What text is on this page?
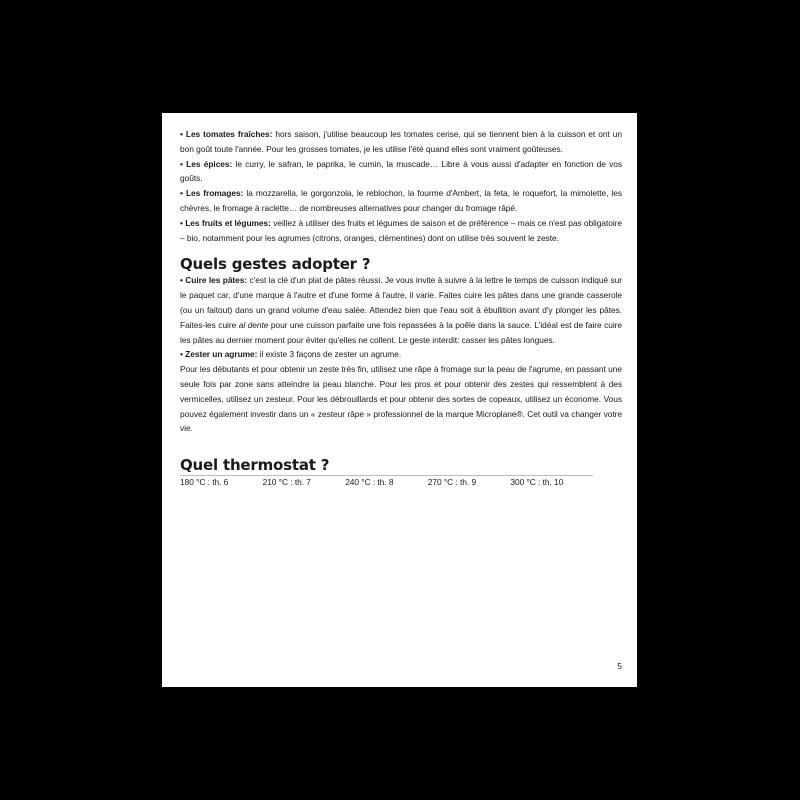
• Les tomates fraîches: hors saison, j'utilise beaucoup les tomates cerise, qui se tiennent bien à la cuisson et ont un bon goût toute l'année. Pour les grosses tomates, je les utilise l'été quand elles sont vraiment goûteuses.

• Les épices: le curry, le safran, le paprika, le cumin, la muscade… Libre à vous aussi d'adapter en fonction de vos goûts.

• Les fromages: la mozzarella, le gorgonzola, le reblochon, la fourme d'Ambert, la feta, le roquefort, la mimolette, les chèvres, le fromage à raclette… de nombreuses alternatives pour changer du fromage râpé.

• Les fruits et légumes: veillez à utiliser des fruits et légumes de saison et de préférence – mais ce n'est pas obligatoire – bio, notamment pour les agrumes (citrons, oranges, clémentines) dont on utilise très souvent le zeste.

Quels gestes adopter ?

• Cuire les pâtes: c'est la clé d'un plat de pâtes réussi. Je vous invite à suivre à la lettre le temps de cuisson indiqué sur le paquet car, d'une marque à l'autre et d'une forme à l'autre, il varie. Faites cuire les pâtes dans une grande casserole (ou un faitout) dans un grand volume d'eau salée. Attendez bien que l'eau soit à ébullition avant d'y plonger les pâtes. Faites-les cuire al dente pour une cuisson parfaite une fois repassées à la poêle dans la sauce. L'idéal est de faire cuire les pâtes au dernier moment pour éviter qu'elles ne collent. Le geste interdit: casser les pâtes longues.

• Zester un agrume: il existe 3 façons de zester un agrume.

Pour les débutants et pour obtenir un zeste très fin, utilisez une râpe à fromage sur la peau de l'agrume, en passant une seule fois par zone sans atteindre la peau blanche. Pour les pros et pour obtenir des zestes qui ressemblent à des vermicelles, utilisez un zesteur. Pour les débrouillards et pour obtenir des sortes de copeaux, utilisez un économe. Vous pouvez également investir dans un « zesteur râpe » professionnel de la marque Microplane®. Cet outil va changer votre vie.

Quel thermostat ?
180 °C : th. 6	210 °C : th. 7	240 °C : th. 8	270 °C : th. 9	300 °C : th. 10
5
